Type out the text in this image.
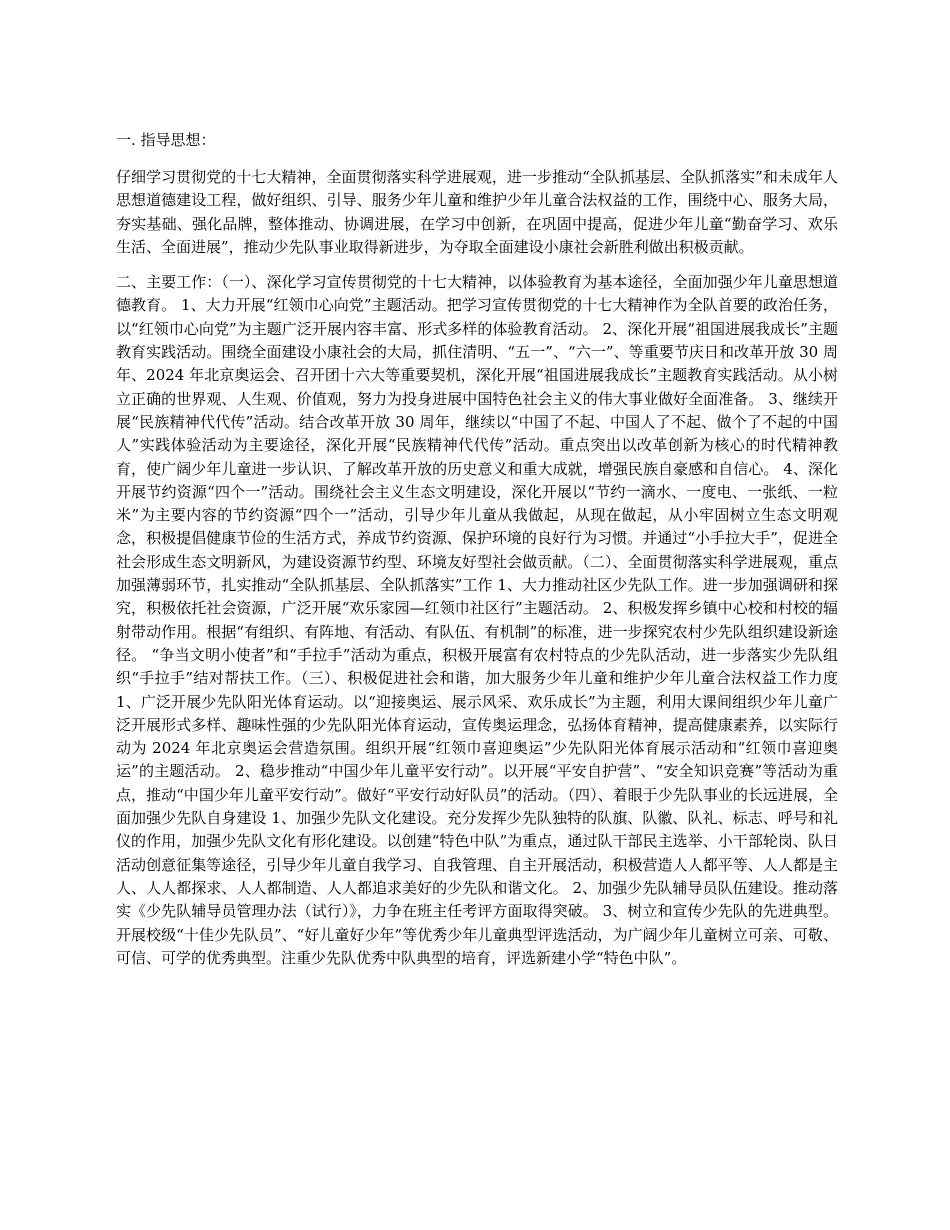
一. 指导思想：

仔细学习贯彻党的十七大精神，全面贯彻落实科学进展观，进一步推动“全队抓基层、全队抓落实”和未成年人思想道德建设工程，做好组织、引导、服务少年儿童和维护少年儿童合法权益的工作，围绕中心、服务大局，夯实基础、强化品牌，整体推动、协调进展，在学习中创新，在巩固中提高，促进少年儿童“勤奋学习、欢乐生活、全面进展”，推动少先队事业取得新进步，为夺取全面建设小康社会新胜利做出积极贡献。

二、主要工作：（一）、深化学习宣传贯彻党的十七大精神，以体验教育为基本途径，全面加强少年儿童思想道德教育。 1、大力开展“红领巾心向党”主题活动。把学习宣传贯彻党的十七大精神作为全队首要的政治任务，以“红领巾心向党”为主题广泛开展内容丰富、形式多样的体验教育活动。 2、深化开展“祖国进展我成长”主题教育实践活动。围绕全面建设小康社会的大局，抓住清明、“五一”、“六一”、等重要节庆日和改革开放 30 周年、2024 年北京奥运会、召开团十六大等重要契机，深化开展“祖国进展我成长”主题教育实践活动。从小树立正确的世界观、人生观、价值观，努力为投身进展中国特色社会主义的伟大事业做好全面准备。 3、继续开展“民族精神代代传”活动。结合改革开放 30 周年，继续以“中国了不起、中国人了不起、做个了不起的中国人”实践体验活动为主要途径，深化开展“民族精神代代传”活动。重点突出以改革创新为核心的时代精神教育，使广阔少年儿童进一步认识、了解改革开放的历史意义和重大成就，增强民族自豪感和自信心。 4、深化开展节约资源“四个一”活动。围绕社会主义生态文明建设，深化开展以“节约一滴水、一度电、一张纸、一粒米”为主要内容的节约资源“四个一”活动，引导少年儿童从我做起，从现在做起，从小牢固树立生态文明观念，积极提倡健康节俭的生活方式，养成节约资源、保护环境的良好行为习惯。并通过“小手拉大手”，促进全社会形成生态文明新风，为建设资源节约型、环境友好型社会做贡献。（二）、全面贯彻落实科学进展观，重点加强薄弱环节，扎实推动“全队抓基层、全队抓落实”工作 1、大力推动社区少先队工作。进一步加强调研和探究，积极依托社会资源，广泛开展“欢乐家园—红领巾社区行”主题活动。 2、积极发挥乡镇中心校和村校的辐射带动作用。根据“有组织、有阵地、有活动、有队伍、有机制”的标准，进一步探究农村少先队组织建设新途径。 “争当文明小使者”和“手拉手”活动为重点，积极开展富有农村特点的少先队活动，进一步落实少先队组织“手拉手”结对帮扶工作。（三）、积极促进社会和谐，加大服务少年儿童和维护少年儿童合法权益工作力度 1、广泛开展少先队阳光体育运动。以“迎接奥运、展示风采、欢乐成长”为主题，利用大课间组织少年儿童广泛开展形式多样、趣味性强的少先队阳光体育运动，宣传奥运理念，弘扬体育精神，提高健康素养，以实际行动为 2024 年北京奥运会营造氛围。组织开展“红领巾喜迎奥运”少先队阳光体育展示活动和“红领巾喜迎奥运”的主题活动。 2、稳步推动“中国少年儿童平安行动”。以开展“平安自护营”、“安全知识竞赛”等活动为重点，推动“中国少年儿童平安行动”。做好“平安行动好队员”的活动。（四）、着眼于少先队事业的长远进展，全面加强少先队自身建设 1、加强少先队文化建设。充分发挥少先队独特的队旗、队徽、队礼、标志、呼号和礼仪的作用，加强少先队文化有形化建设。以创建“特色中队”为重点，通过队干部民主选举、小干部轮岗、队日活动创意征集等途径，引导少年儿童自我学习、自我管理、自主开展活动，积极营造人人都平等、人人都是主人、人人都探求、人人都制造、人人都追求美好的少先队和谐文化。 2、加强少先队辅导员队伍建设。推动落实《少先队辅导员管理办法（试行）》，力争在班主任考评方面取得突破。 3、树立和宣传少先队的先进典型。开展校级“十佳少先队员”、“好儿童好少年”等优秀少年儿童典型评选活动，为广阔少年儿童树立可亲、可敬、可信、可学的优秀典型。注重少先队优秀中队典型的培育，评选新建小学“特色中队”。
